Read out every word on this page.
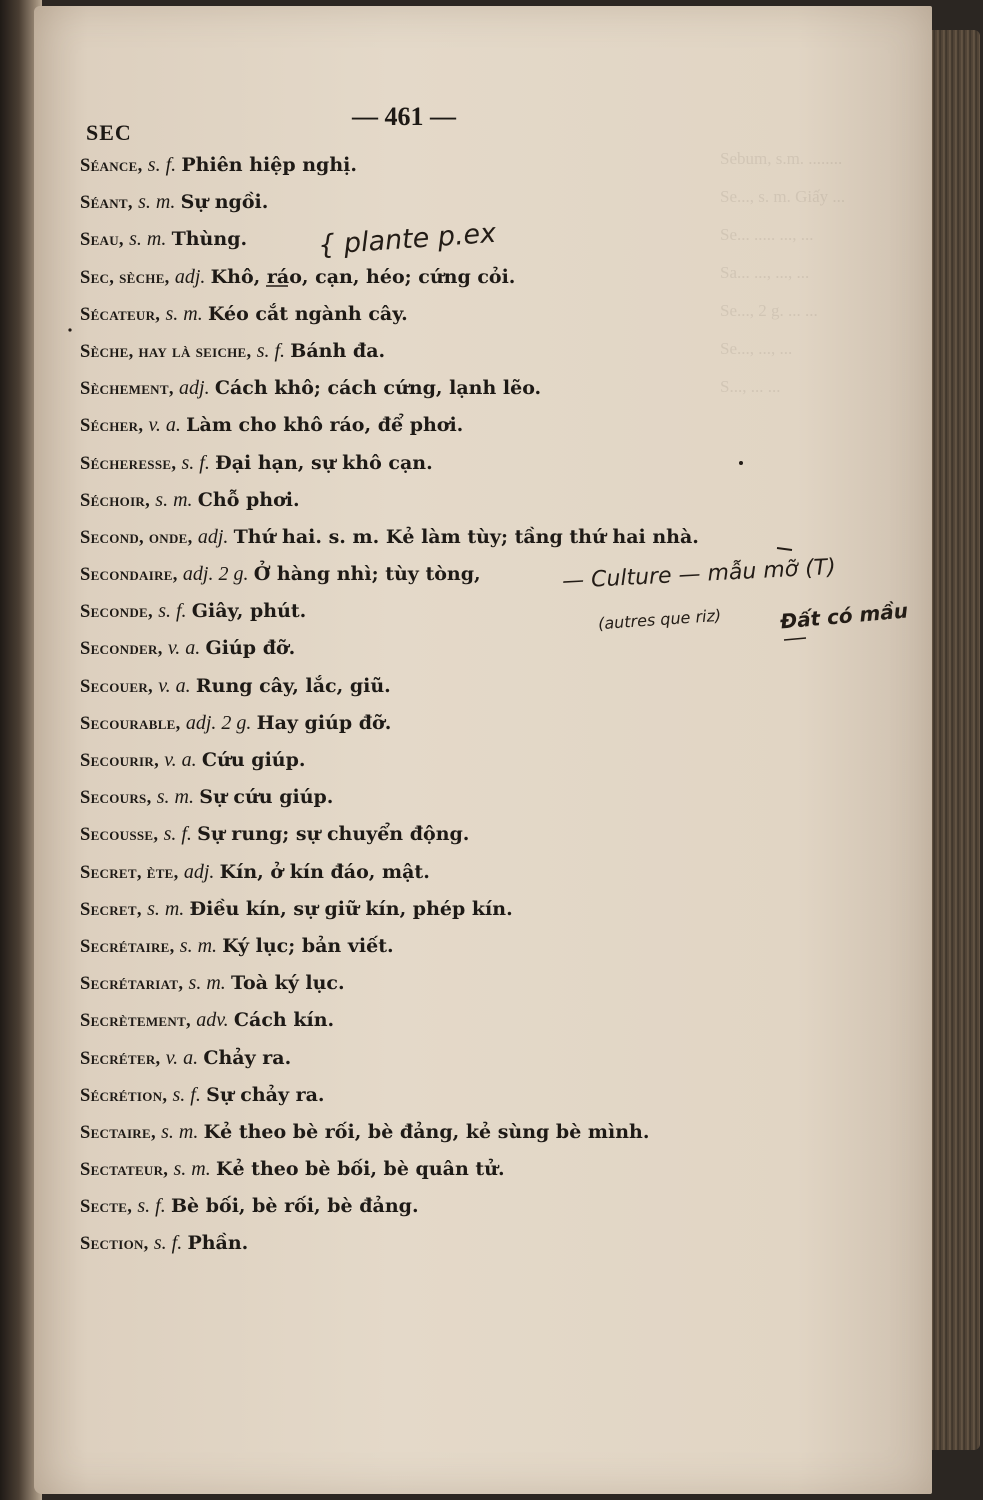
Sebum, s.m. ........
Se..., s. m. Giấy ...
Se... ..... ..., ...
Sa... ..., ..., ...
Se..., 2 g. ... ...
Se..., ..., ...
S..., ... ...

SEC
— 461 —
Séance, s. f. Phiên hiệp nghị.
Séant, s. m. Sự ngồi.
Seau, s. m. Thùng.
Sec, sèche, adj. Khô, ráo, cạn, héo; cứng cỏi.
Sécateur, s. m. Kéo cắt ngành cây.
Sèche, hay là seiche, s. f. Bánh đa.
Sèchement, adj. Cách khô; cách cứng, lạnh lẽo.
Sécher, v. a. Làm cho khô ráo, để phơi.
Sécheresse, s. f. Đại hạn, sự khô cạn.
Séchoir, s. m. Chỗ phơi.
Second, onde, adj. Thứ hai. s. m. Kẻ làm tùy; tầng thứ hai nhà.
Secondaire, adj. 2 g. Ở hàng nhì; tùy tòng,
Seconde, s. f. Giây, phút.
Seconder, v. a. Giúp đỡ.
Secouer, v. a. Rung cây, lắc, giũ.
Secourable, adj. 2 g. Hay giúp đỡ.
Secourir, v. a. Cứu giúp.
Secours, s. m. Sự cứu giúp.
Secousse, s. f. Sự rung; sự chuyển động.
Secret, ète, adj. Kín, ở kín đáo, mật.
Secret, s. m. Điều kín, sự giữ kín, phép kín.
Secrétaire, s. m. Ký lục; bản viết.
Secrétariat, s. m. Toà ký lục.
Secrètement, adv. Cách kín.
Secréter, v. a. Chảy ra.
Sécrétion, s. f. Sự chảy ra.
Sectaire, s. m. Kẻ theo bè rối, bè đảng, kẻ sùng bè mình.
Sectateur, s. m. Kẻ theo bè bối, bè quân tử.
Secte, s. f. Bè bối, bè rối, bè đảng.
Section, s. f. Phần.
{ plante p.ex
— Culture — mẫu mỡ (T)
(autres que riz)	Đất có mầu
